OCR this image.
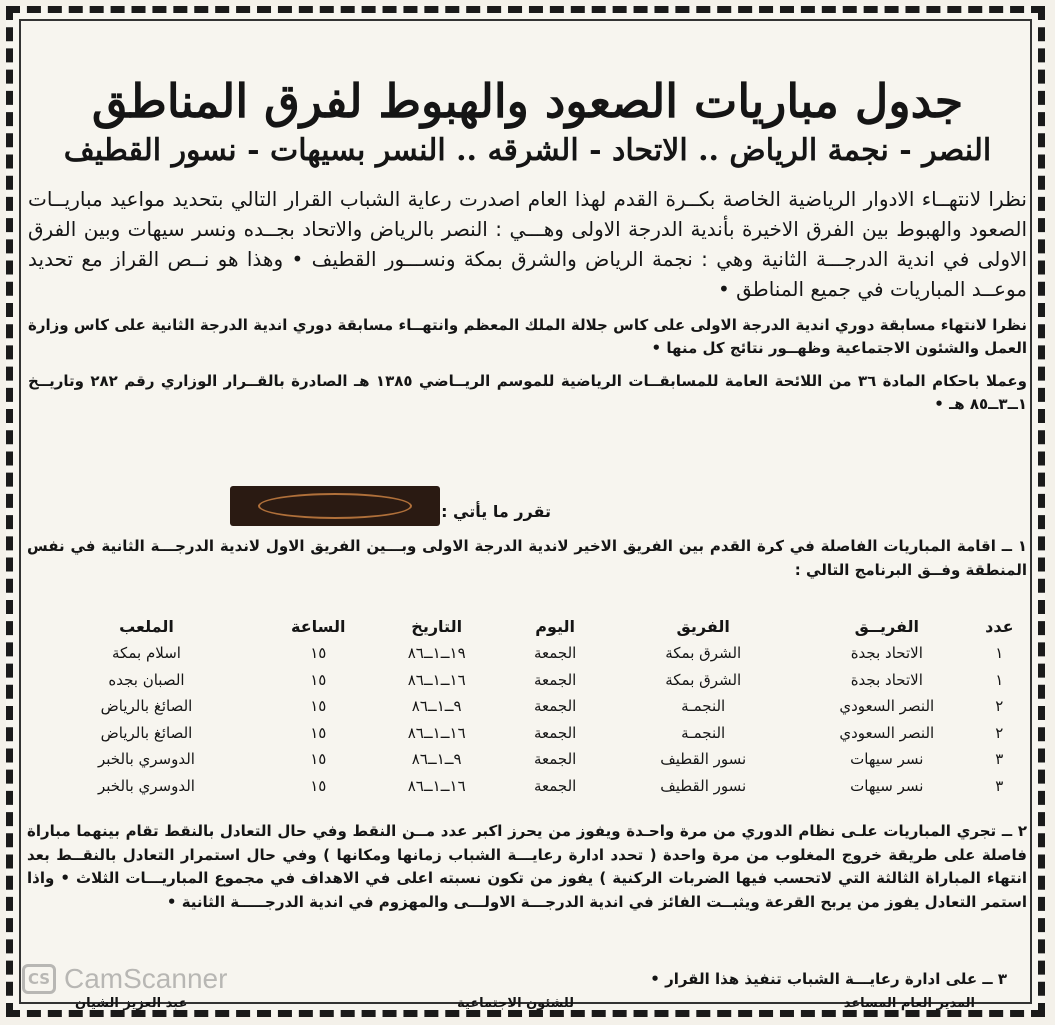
جدول مباريات الصعود والهبوط لفرق المناطق
النصر - نجمة الرياض .. الاتحاد - الشرقه .. النسر بسيهات - نسور القطيف
نظرا لانتهــاء الادوار الرياضية الخاصة بكــرة القدم لهذا العام اصدرت رعاية الشباب القرار التالي بتحديد مواعيد مباريــات الصعود والهبوط بين الفرق الاخيرة بأندية الدرجة الاولى وهـــي : النصر بالرياض والاتحاد بجــده ونسر سيهات وبين الفرق الاولى في اندية الدرجـــة الثانية وهي : نجمة الرياض والشرق بمكة ونســـور القطيف • وهذا هو نــص القراز مع تحديد موعــد المباريات في جميع المناطق •
نظرا لانتهاء مسابقة دوري اندية الدرجة الاولى على كاس جلالة الملك المعظم وانتهــاء مسابقة دوري اندية الدرجة الثانية على كاس وزارة العمل والشئون الاجتماعية وظهــور نتائج كل منها •
وعملا باحكام المادة ٣٦ من اللائحة العامة للمسابقــات الرياضية للموسم الريــاضي ١٣٨٥ هـ الصادرة بالقــرار الوزاري رقم ٢٨٢ وتاريــخ ١ــ٣ــ٨٥ هـ •
تقرر ما يأتي :
١ ــ اقامة المباريات الفاصلة في كرة القدم بين الفريق الاخير لاندية الدرجة الاولى وبـــين الفريق الاول لاندية الدرجـــة الثانية في نفس المنطقة وفــق البرنامج التالي :
عدد	الفريــق	الفريق	اليوم	التاريخ	الساعة	الملعب
١	الاتحاد بجدة	الشرق بمكة	الجمعة	١٩ــ١ــ٨٦	١٥	اسلام بمكة
١	الاتحاد بجدة	الشرق بمكة	الجمعة	١٦ــ١ــ٨٦	١٥	الصبان بجده
٢	النصر السعودي	النجمـة	الجمعة	٩ــ١ــ٨٦	١٥	الصائغ بالرياض
٢	النصر السعودي	النجمـة	الجمعة	١٦ــ١ــ٨٦	١٥	الصائغ بالرياض
٣	نسر سيهات	نسور القطيف	الجمعة	٩ــ١ــ٨٦	١٥	الدوسري بالخبر
٣	نسر سيهات	نسور القطيف	الجمعة	١٦ــ١ــ٨٦	١٥	الدوسري بالخبر
٢ ــ تجري المباريات علـى نظام الدوري من مرة واحـدة ويفوز من يحرز اكبر عدد مــن النقط وفي حال التعادل بالنقط تقام بينهما مباراة فاصلة على طريقة خروج المغلوب من مرة واحدة ( تحدد ادارة رعايـــة الشباب زمانها ومكانها ) وفي حال استمرار التعادل بالنقــط بعد انتهاء المباراة الثالثة التي لاتحسب فيها الضربات الركنية ) يفوز من تكون نسبته اعلى في الاهداف في مجموع المباريـــات الثلاث • واذا استمر التعادل يفوز من يربح القرعة ويثبــت الفائز في اندية الدرجـــة الاولـــى والمهزوم في اندية الدرجـــــة الثانية •
٣ ــ على ادارة رعايـــة الشباب تنفيذ هذا القرار •
المدير العام المساعد
للشئون الاجتماعية
عبد العزيز الشيان
CS CamScanner
